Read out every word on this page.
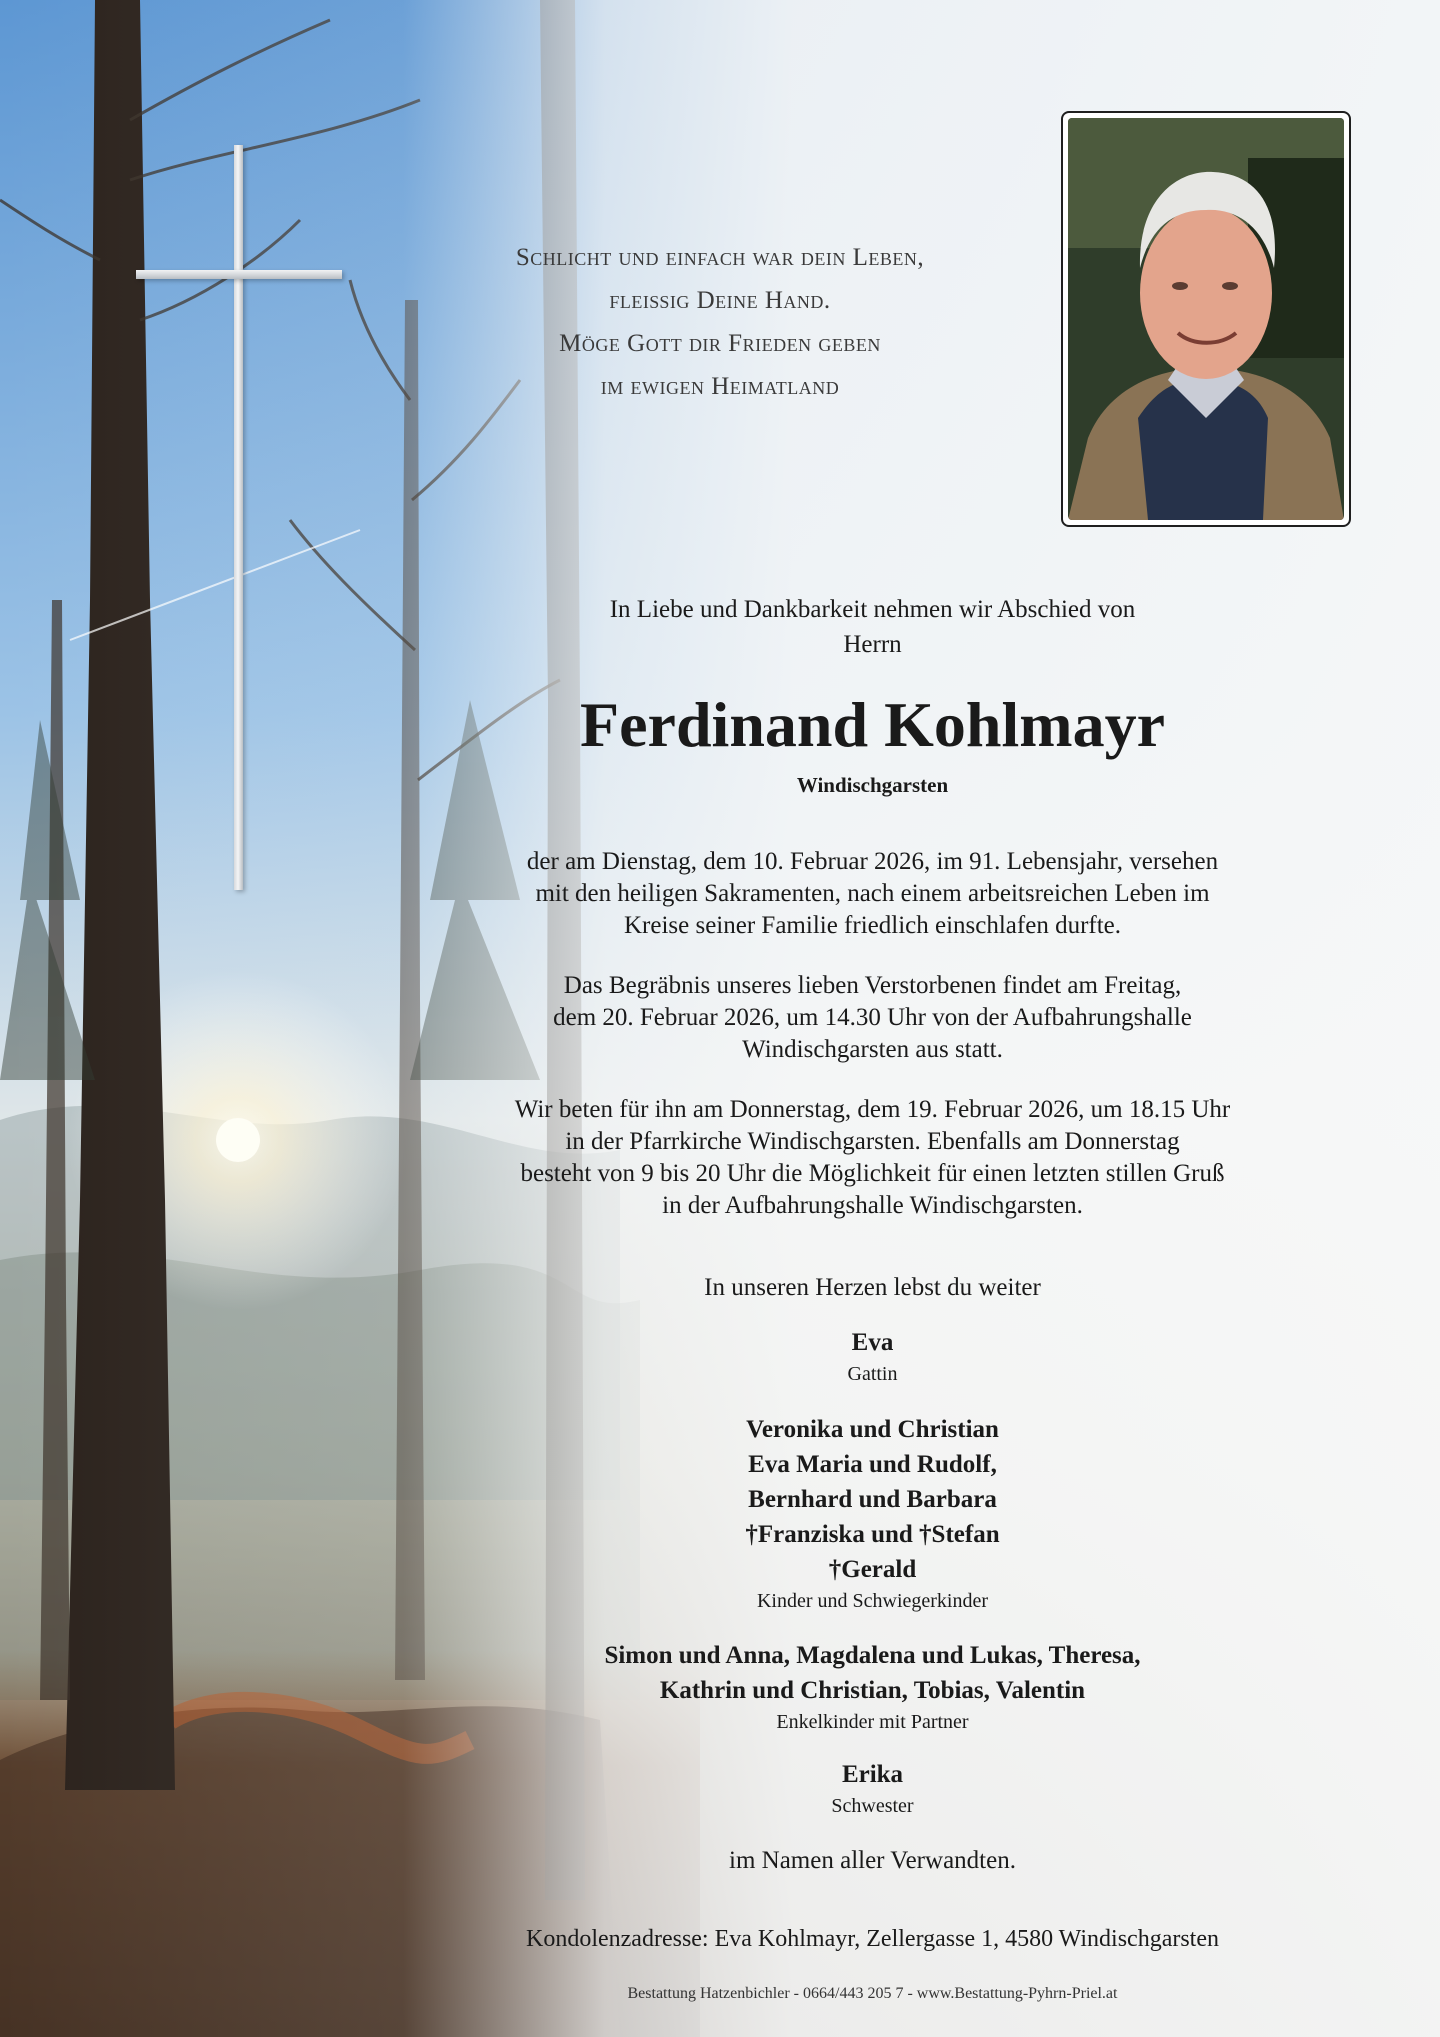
Schlicht und einfach war dein Leben,
fleißig Deine Hand.
Möge Gott dir Frieden geben
im ewigen Heimatland
In Liebe und Dankbarkeit nehmen wir Abschied von
Herrn
Ferdinand Kohlmayr
Windischgarsten
der am Dienstag, dem 10. Februar 2026, im 91. Lebensjahr, versehen
mit den heiligen Sakramenten, nach einem arbeitsreichen Leben im
Kreise seiner Familie friedlich einschlafen durfte.
Das Begräbnis unseres lieben Verstorbenen findet am Freitag,
dem 20. Februar 2026, um 14.30 Uhr von der Aufbahrungshalle
Windischgarsten aus statt.
Wir beten für ihn am Donnerstag, dem 19. Februar 2026, um 18.15 Uhr
in der Pfarrkirche Windischgarsten. Ebenfalls am Donnerstag
besteht von 9 bis 20 Uhr die Möglichkeit für einen letzten stillen Gruß
in der Aufbahrungshalle Windischgarsten.
In unseren Herzen lebst du weiter
Eva
Gattin
Veronika und Christian
Eva Maria und Rudolf,
Bernhard und Barbara
†Franziska und †Stefan
†Gerald
Kinder und Schwiegerkinder
Simon und Anna, Magdalena und Lukas, Theresa,
Kathrin und Christian, Tobias, Valentin
Enkelkinder mit Partner
Erika
Schwester
im Namen aller Verwandten.
Kondolenzadresse: Eva Kohlmayr, Zellergasse 1, 4580 Windischgarsten
Bestattung Hatzenbichler - 0664/443 205 7 - www.Bestattung-Pyhrn-Priel.at
